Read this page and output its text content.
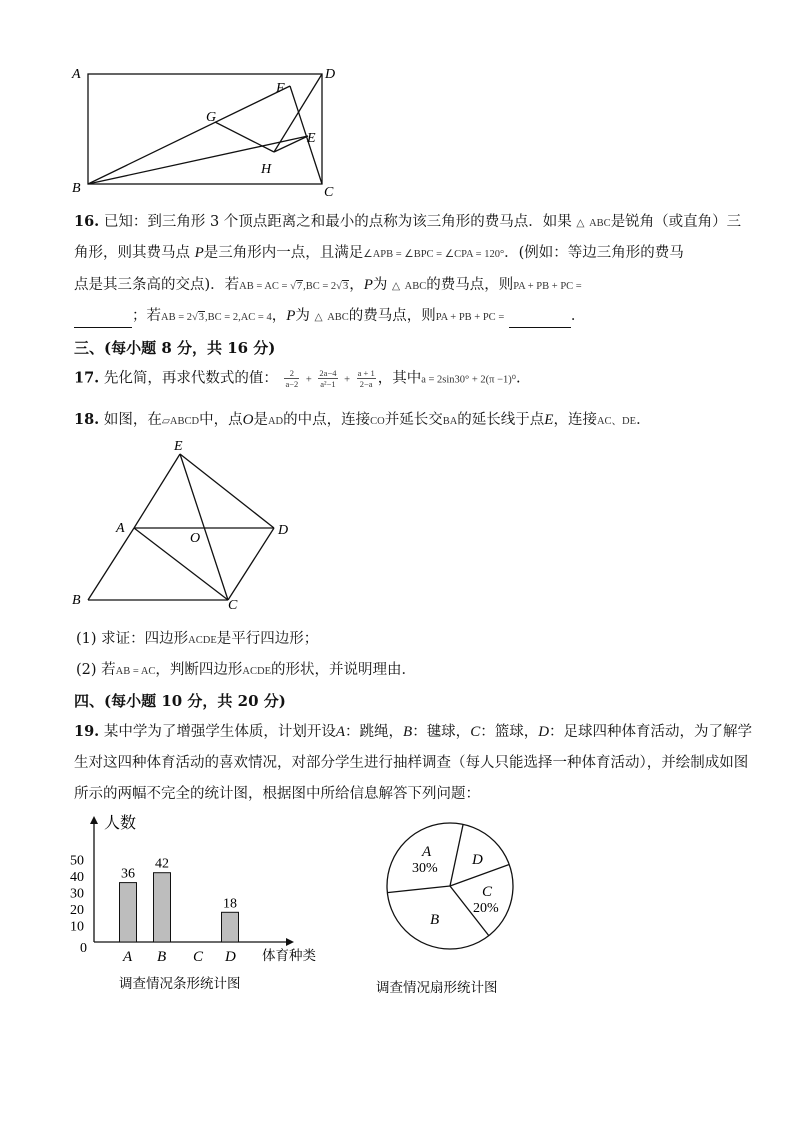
A
B	C
D
E
F
G
H
16. 已知：到三角形 3 个顶点距离之和最小的点称为该三角形的费马点．如果 △ ABC是锐角（或直角）三
角形，则其费马点 P是三角形内一点，且满足∠APB = ∠BPC = ∠CPA = 120°．(例如：等边三角形的费马
点是其三条高的交点)．若AB = AC = √7,BC = 2√3，P为 △ ABC的费马点，则PA + PB + PC =
；若AB = 2√3,BC = 2,AC = 4，P为 △ ABC的费马点，则PA + PB + PC =	．
三、(每小题 8 分，共 16 分)
17. 先化简，再求代数式的值： $\frac{2}{a-2} + \frac{2a-4}{\text{a²−1}} + \frac{a + 1}{2-a}$ ，其中a = 2sin30° + 2(π −1)⁰.
18. 如图，在▱ABCD中，点O是AD的中点，连接CO并延长交BA的延长线于点E，连接AC、DE．
E
A	D
O
B	C
(1) 求证：四边形ACDE是平行四边形；
(2) 若AB = AC，判断四边形ACDE的形状，并说明理由．
四、(每小题 10 分，共 20 分)
19. 某中学为了增强学生体质，计划开设A：跳绳，B：毽球，C：篮球，D：足球四种体育活动，为了解学
生对这四种体育活动的喜欢情况，对部分学生进行抽样调查（每人只能选择一种体育活动），并绘制成如图
所示的两幅不完全的统计图，根据图中所给信息解答下列问题：
人数
体育种类
调查情况条形统计图
0
10
20
30
40
50
A
36
B
42
C D
18
A
30%
D
C
20%
B
调查情况扇形统计图
